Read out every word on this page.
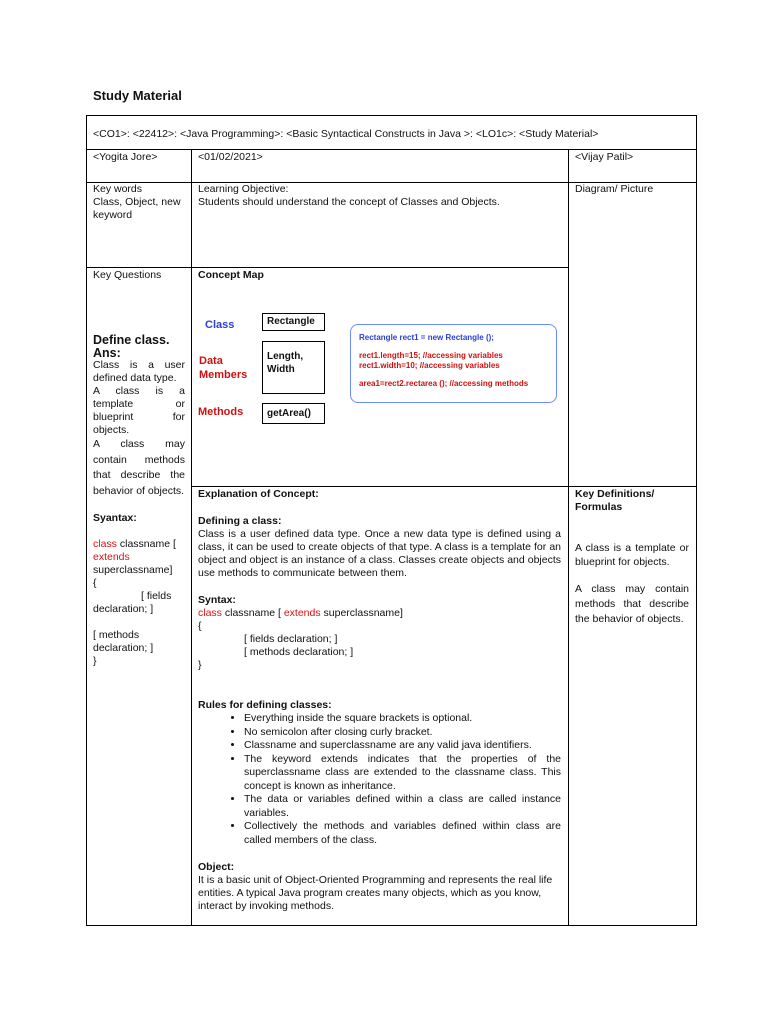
Study Material
<CO1>: <22412>: <Java Programming>: <Basic Syntactical Constructs in Java >: <LO1c>: <Study Material>
<Yogita Jore>	<01/02/2021>	<Vijay Patil>
Key words
Class, Object, new keyword
Learning Objective:
Students should understand the concept of Classes and Objects.
Diagram/ Picture
Key Questions
Define class.
Ans:
Class is a user defined data type.
A class is a template or blueprint for objects.
A class may contain methods that describe the behavior of objects.
Syantax:
class classname [
extends
superclassname]
{
[ fields declaration; ]
[ methods declaration; ]
}
Concept Map
Class
Data Members
Methods
Rectangle
Length, Width
getArea()
Rectangle rect1 = new Rectangle ();
rect1.length=15; //accessing variables
rect1.width=10; //accessing variables
area1=rect2.rectarea (); //accessing methods
Explanation of Concept:
Defining a class:
Class is a user defined data type. Once a new data type is defined using a class, it can be used to create objects of that type. A class is a template for an object and object is an instance of a class. Classes create objects and objects use methods to communicate between them.
Syntax:
class classname [ extends superclassname]
{
[ fields declaration; ]
[ methods declaration; ]
}
Rules for defining classes:
• Everything inside the square brackets is optional.
• No semicolon after closing curly bracket.
• Classname and superclassname are any valid java identifiers.
• The keyword extends indicates that the properties of the superclassname class are extended to the classname class. This concept is known as inheritance.
• The data or variables defined within a class are called instance variables.
• Collectively the methods and variables defined within class are called members of the class.
Object:
It is a basic unit of Object-Oriented Programming and represents the real life entities. A typical Java program creates many objects, which as you know, interact by invoking methods.
Key Definitions/ Formulas
A class is a template or blueprint for objects.
A class may contain methods that describe the behavior of objects.
